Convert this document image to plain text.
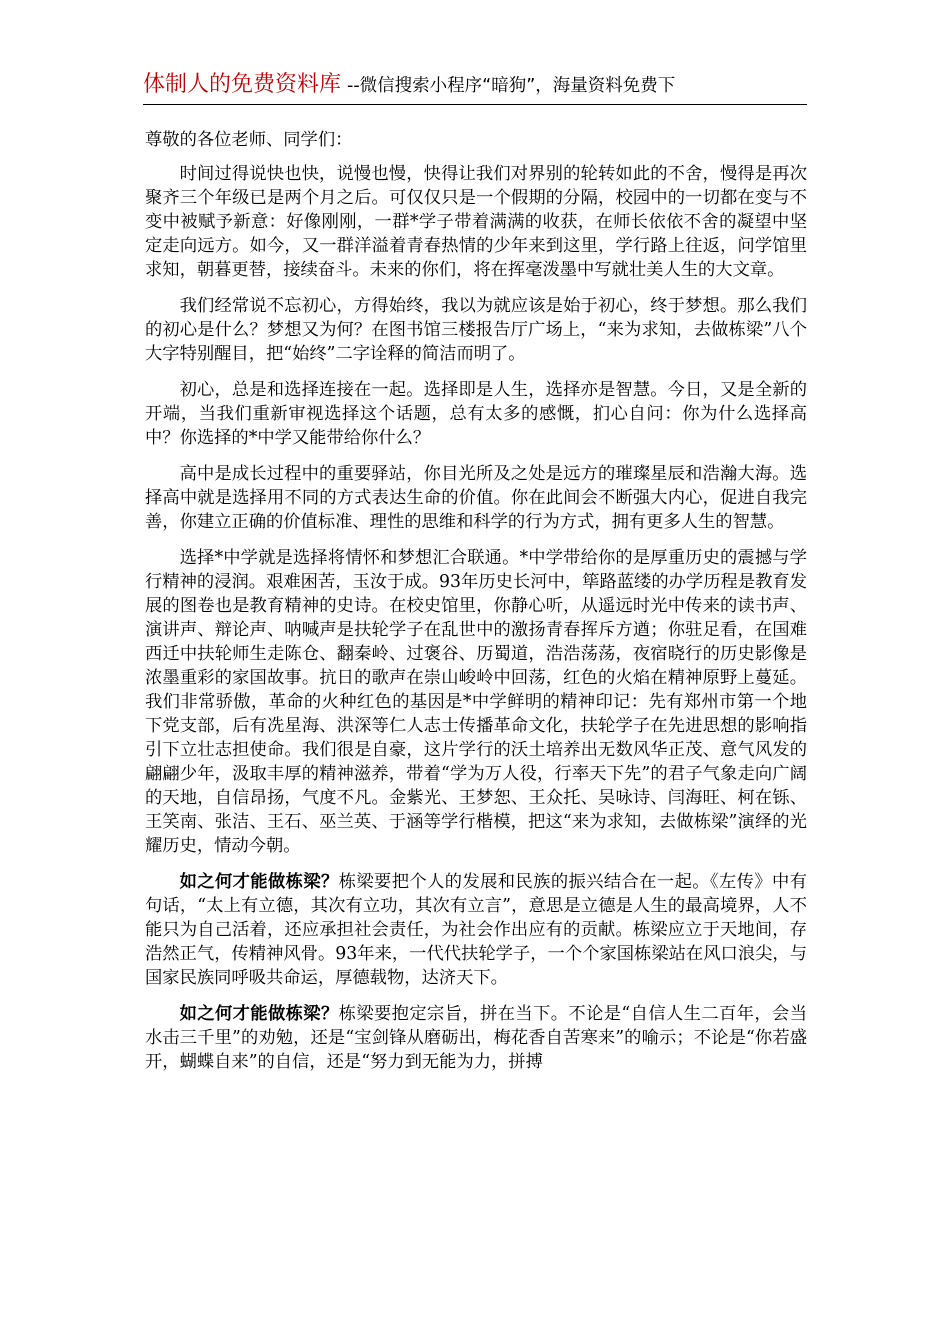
体制人的免费资料库 --微信搜索小程序“暗狗”，海量资料免费下

尊敬的各位老师、同学们：

时间过得说快也快，说慢也慢，快得让我们对界别的轮转如此的不舍，慢得是再次聚齐三个年级已是两个月之后。可仅仅只是一个假期的分隔，校园中的一切都在变与不变中被赋予新意：好像刚刚，一群*学子带着满满的收获，在师长依依不舍的凝望中坚定走向远方。如今，又一群洋溢着青春热情的少年来到这里，学行路上往返，问学馆里求知，朝暮更替，接续奋斗。未来的你们，将在挥毫泼墨中写就壮美人生的大文章。

我们经常说不忘初心，方得始终，我以为就应该是始于初心，终于梦想。那么我们的初心是什么？梦想又为何？在图书馆三楼报告厅广场上，“来为求知，去做栋梁”八个大字特别醒目，把“始终”二字诠释的简洁而明了。

初心，总是和选择连接在一起。选择即是人生，选择亦是智慧。今日，又是全新的开端，当我们重新审视选择这个话题，总有太多的感慨，扪心自问：你为什么选择高中？你选择的*中学又能带给你什么？

高中是成长过程中的重要驿站，你目光所及之处是远方的璀璨星辰和浩瀚大海。选择高中就是选择用不同的方式表达生命的价值。你在此间会不断强大内心，促进自我完善，你建立正确的价值标准、理性的思维和科学的行为方式，拥有更多人生的智慧。

选择*中学就是选择将情怀和梦想汇合联通。*中学带给你的是厚重历史的震撼与学行精神的浸润。艰难困苦，玉汝于成。93年历史长河中，筚路蓝缕的办学历程是教育发展的图卷也是教育精神的史诗。在校史馆里，你静心听，从遥远时光中传来的读书声、演讲声、辩论声、呐喊声是扶轮学子在乱世中的激扬青春挥斥方遒；你驻足看，在国难西迁中扶轮师生走陈仓、翻秦岭、过褒谷、历蜀道，浩浩荡荡，夜宿晓行的历史影像是浓墨重彩的家国故事。抗日的歌声在崇山峻岭中回荡，红色的火焰在精神原野上蔓延。我们非常骄傲，革命的火种红色的基因是*中学鲜明的精神印记：先有郑州市第一个地下党支部，后有冼星海、洪深等仁人志士传播革命文化，扶轮学子在先进思想的影响指引下立壮志担使命。我们很是自豪，这片学行的沃土培养出无数风华正茂、意气风发的翩翩少年，汲取丰厚的精神滋养，带着“学为万人役，行率天下先”的君子气象走向广阔的天地，自信昂扬，气度不凡。金紫光、王梦恕、王众托、吴咏诗、闫海旺、柯在铄、王笑南、张洁、王石、巫兰英、于涵等学行楷模，把这“来为求知，去做栋梁”演绎的光耀历史，情动今朝。

如之何才能做栋梁？栋梁要把个人的发展和民族的振兴结合在一起。《左传》中有句话，“太上有立德，其次有立功，其次有立言”，意思是立德是人生的最高境界，人不能只为自己活着，还应承担社会责任，为社会作出应有的贡献。栋梁应立于天地间，存浩然正气，传精神风骨。93年来，一代代扶轮学子，一个个家国栋梁站在风口浪尖，与国家民族同呼吸共命运，厚德载物，达济天下。

如之何才能做栋梁？栋梁要抱定宗旨，拼在当下。不论是“自信人生二百年，会当水击三千里”的劝勉，还是“宝剑锋从磨砺出，梅花香自苦寒来”的喻示；不论是“你若盛开，蝴蝶自来”的自信，还是“努力到无能为力，拼搏
